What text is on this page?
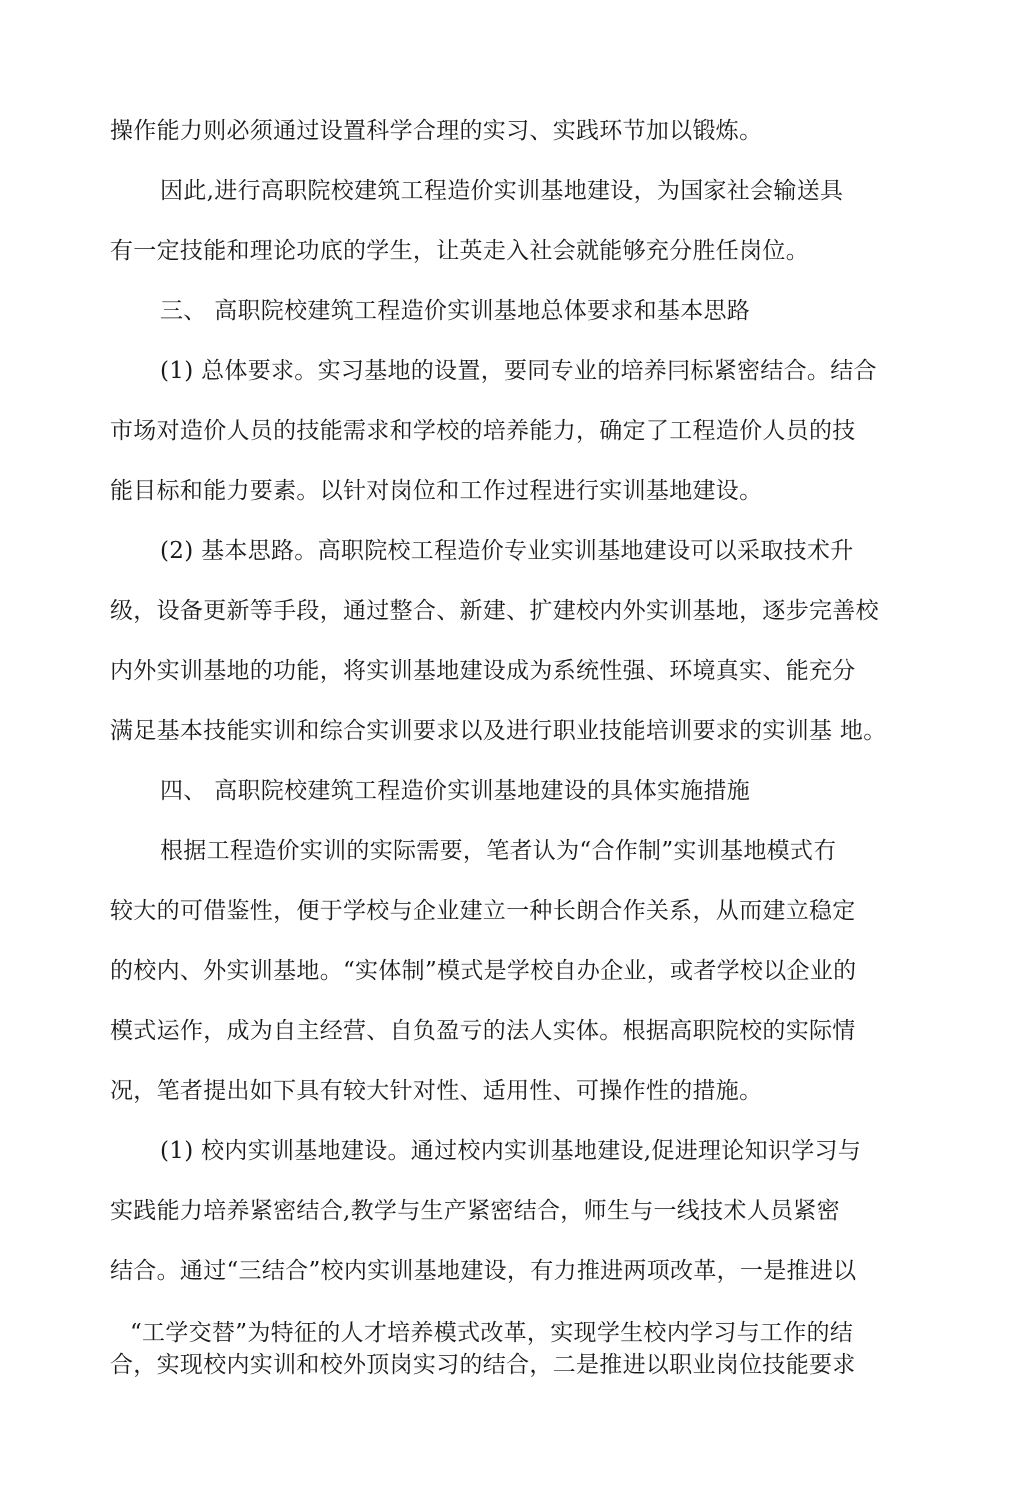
操作能力则必须通过设置科学合理的实习、实践环节加以锻炼。
因此,进行高职院校建筑工程造价实训基地建设，为国家社会输送具
有一定技能和理论功底的学生，让英走入社会就能够充分胜任岗位。
三、 高职院校建筑工程造价实训基地总体要求和基本思路
(1) 总体要求。实习基地的设置，要同专业的培养冃标紧密结合。结合
市场对造价人员的技能需求和学校的培养能力，确定了工程造价人员的技
能目标和能力要素。以针对岗位和工作过程进行实训基地建设。
(2) 基本思路。高职院校工程造价专业实训基地建设可以采取技术升
级，设备更新等手段，通过整合、新建、扩建校内外实训基地，逐步完善校
内外实训基地的功能，将实训基地建设成为系统性强、环境真实、能充分
满足基本技能实训和综合实训要求以及进行职业技能培训要求的实训基 地。
四、 高职院校建筑工程造价实训基地建设的具体实施措施
根据工程造价实训的实际需要，笔者认为“合作制”实训基地模式冇
较大的可借鉴性，便于学校与企业建立一种长朗合作关系，从而建立稳定
的校内、外实训基地。“实体制”模式是学校自办企业，或者学校以企业的
模式运作，成为自主经营、自负盈亏的法人实体。根据高职院校的实际情
况，笔者提出如下具有较大针对性、适用性、可操作性的措施。
(1) 校内实训基地建设。通过校内实训基地建设,促进理论知识学习与
实践能力培养紧密结合,教学与生产紧密结合，师生与一线技术人员紧密
结合。通过“三结合”校内实训基地建设，有力推进两项改革，一是推进以
“工学交替”为特征的人才培养模式改革，实现学生校内学习与工作的结
合，实现校内实训和校外顶岗实习的结合，二是推进以职业岗位技能要求
